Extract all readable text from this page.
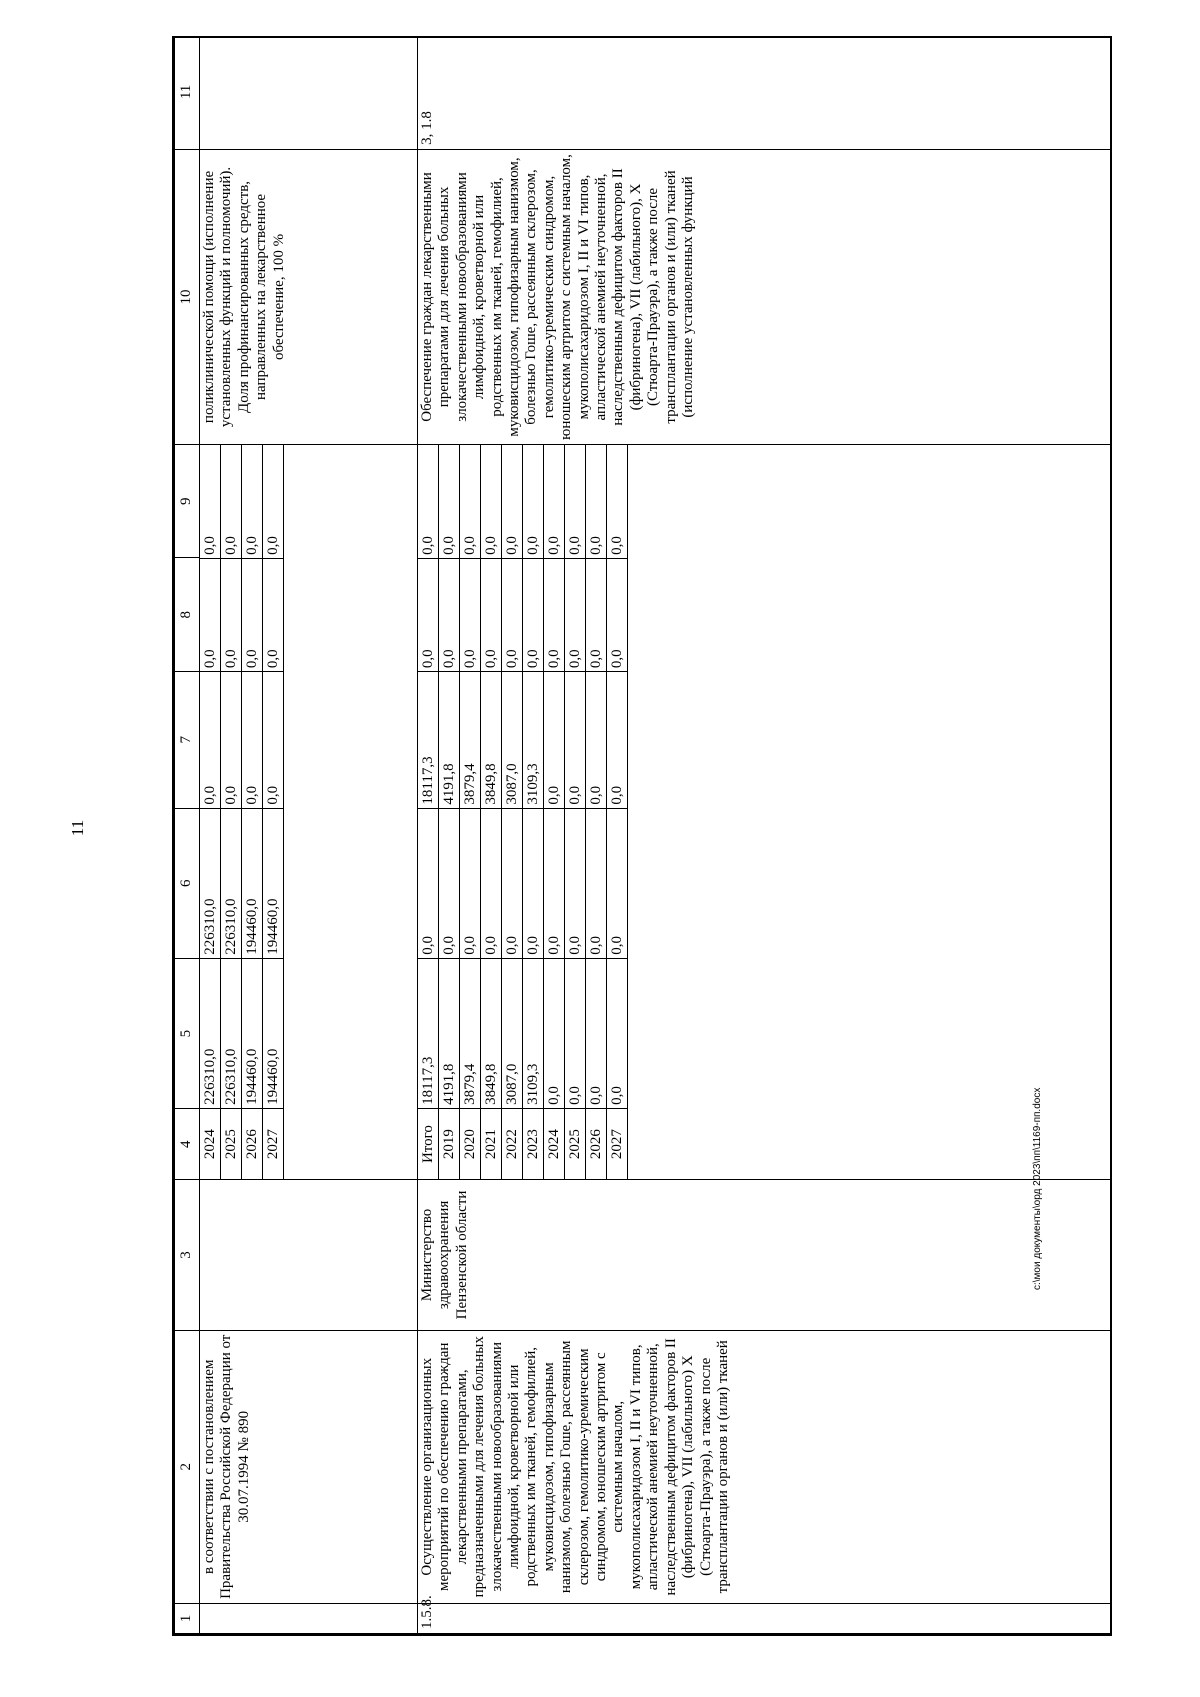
11
1	2	3	4	5	6	7	8	9	10	11
	в соответствии с постановлением Правительства Российской Федерации от 30.07.1994 № 890		
2024	226310,0	226310,0	0,0	0,0	0,0
2025	226310,0	226310,0	0,0	0,0	0,0
2026	194460,0	194460,0	0,0	0,0	0,0
2027	194460,0	194460,0	0,0	0,0	0,0
	поликлинической помощи (исполнение установленных функций и полномочий). Доля профинансированных средств, направленных на лекарственное обеспечение, 100 %	
1.5.8.	Осуществление организационных мероприятий по обеспечению граждан лекарственными препаратами, предназначенными для лечения больных злокачественными новообразованиями лимфоидной, кроветворной или родственных им тканей, гемофилией, муковисцидозом, гипофизарным нанизмом, болезнью Гоше, рассеянным склерозом, гемолитико-уремическим синдромом, юношеским артритом с системным началом, мукополисахаридозом I, II и VI типов, апластической анемией неуточненной, наследственным дефицитом факторов II (фибриногена), VII (лабильного) X (Стюарта-Прауэра), а также после трансплантации органов и (или) тканей	Министерство здравоохранения Пензенской области	
Итого	18117,3	0,0	18117,3	0,0	0,0
2019	4191,8	0,0	4191,8	0,0	0,0
2020	3879,4	0,0	3879,4	0,0	0,0
2021	3849,8	0,0	3849,8	0,0	0,0
2022	3087,0	0,0	3087,0	0,0	0,0
2023	3109,3	0,0	3109,3	0,0	0,0
2024	0,0	0,0	0,0	0,0	0,0
2025	0,0	0,0	0,0	0,0	0,0
2026	0,0	0,0	0,0	0,0	0,0
2027	0,0	0,0	0,0	0,0	0,0
	Обеспечение граждан лекарственными препаратами для лечения больных злокачественными новообразованиями лимфоидной, кроветворной или родственных им тканей, гемофилией, муковисцидозом, гипофизарным нанизмом, болезнью Гоше, рассеянным склерозом, гемолитико-уремическим синдромом, юношеским артритом с системным началом, мукополисахаридозом I, II и VI типов, апластической анемией неуточненной, наследственным дефицитом факторов II (фибриногена), VII (лабильного), X (Стюарта-Прауэра), а также после трансплантации органов и (или) тканей (исполнение установленных функций	3, 1.8
c:\мои документы\орд 2023\пп\1169-пп.docx
